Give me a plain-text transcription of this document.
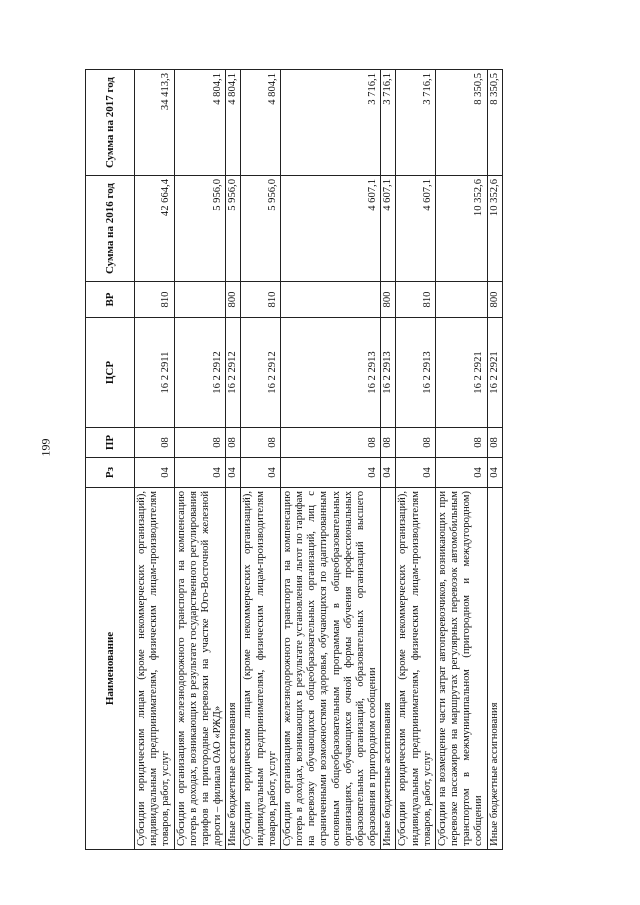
199
Наименование	Рз	ПР	ЦСР	ВР	Сумма на 2016 год	Сумма на 2017 год
Субсидии юридическим лицам (кроме некоммерческих организаций), индивидуальным предпринимателям, физическим лицам-производителям товаров, работ, услуг	04	08	16 2 2911	810	42 664,4	34 413,3
Субсидии организациям железнодорожного транспорта на компенсацию потерь в доходах, возникающих в результате государственного регулирования тарифов на пригородные перевозки на участке Юго-Восточной железной дороги – филиала ОАО «РЖД»	04	08	16 2 2912		5 956,0	4 804,1
Иные бюджетные ассигнования	04	08	16 2 2912	800	5 956,0	4 804,1
Субсидии юридическим лицам (кроме некоммерческих организаций), индивидуальным предпринимателям, физическим лицам-производителям товаров, работ, услуг	04	08	16 2 2912	810	5 956,0	4 804,1
Субсидии организациям железнодорожного транспорта на компенсацию потерь в доходах, возникающих в результате установления льгот по тарифам на перевозку обучающихся общеобразовательных организаций, лиц с ограниченными возможностями здоровья, обучающихся по адаптированным основным общеобразовательным программам в общеобразовательных организациях, обучающихся очной формы обучения профессиональных образовательных организаций, образовательных организаций высшего образования в пригородном сообщении	04	08	16 2 2913		4 607,1	3 716,1
Иные бюджетные ассигнования	04	08	16 2 2913	800	4 607,1	3 716,1
Субсидии юридическим лицам (кроме некоммерческих организаций), индивидуальным предпринимателям, физическим лицам-производителям товаров, работ, услуг	04	08	16 2 2913	810	4 607,1	3 716,1
Субсидии на возмещение части затрат автоперевозчиков, возникающих при перевозке пассажиров на маршрутах регулярных перевозок автомобильным транспортом в межмуниципальном (пригородном и междугородном) сообщении	04	08	16 2 2921		10 352,6	8 350,5
Иные бюджетные ассигнования	04	08	16 2 2921	800	10 352,6	8 350,5
